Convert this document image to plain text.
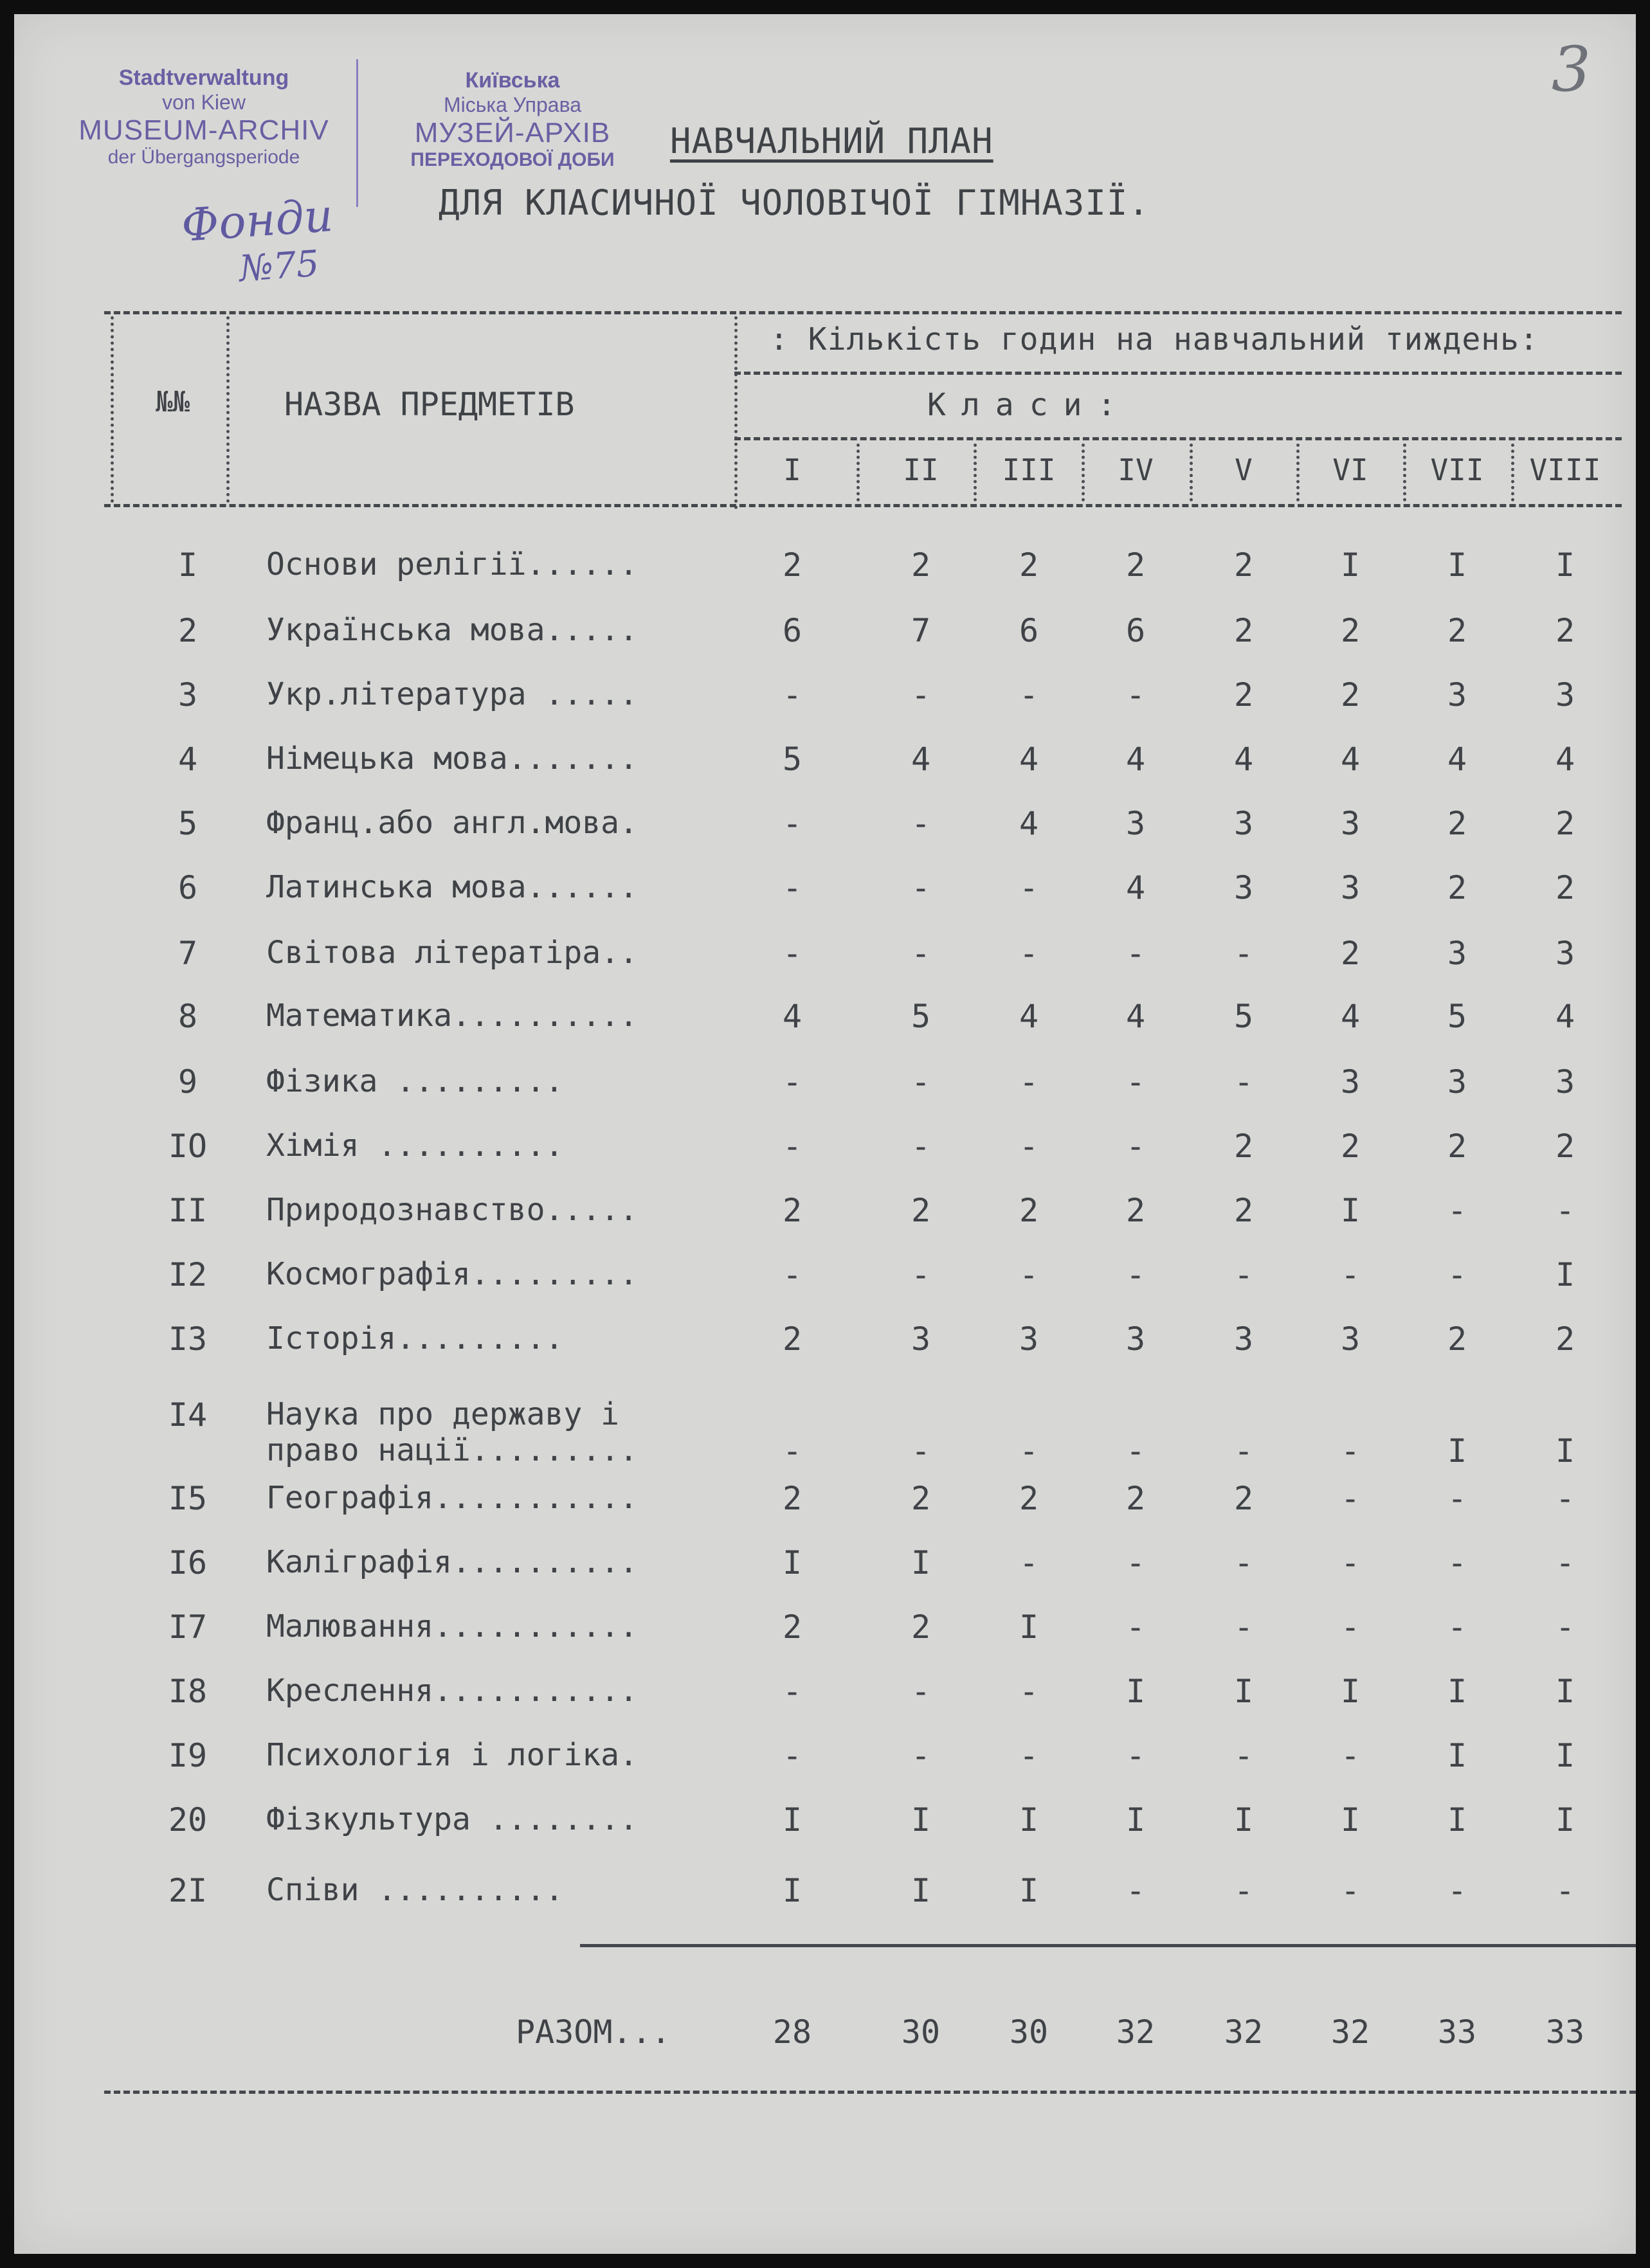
3
Stadtverwaltung
von Kiew
MUSEUM-ARCHIV
der Übergangsperiode
Київська
Міська Управа
МУЗЕЙ-АРХІВ
ПЕРЕХОДОВОЇ ДОБИ
Фонди
№75
НАВЧАЛЬНИЙ ПЛАН
ДЛЯ КЛАСИЧНОЇ ЧОЛОВІЧОЇ ГІМНАЗІЇ.
: Кількість годин на навчальний тиждень:
Класи:
№№	НАЗВА ПРЕДМЕТІВ
I	II	III	IV	V	VI	VII	VIII
I	Основи релігії......	2	2	2	2	2	I	I	I
2	Українська мова.....	6	7	6	6	2	2	2	2
3	Укр.література .....	-	-	-	-	2	2	3	3
4	Німецька мова.......	5	4	4	4	4	4	4	4
5	Франц.або англ.мова.	-	-	4	3	3	3	2	2
6	Латинська мова......	-	-	-	4	3	3	2	2
7	Світова літератіра..	-	-	-	-	-	2	3	3
8	Математика..........	4	5	4	4	5	4	5	4
9	Фізика .........	-	-	-	-	-	3	3	3
IO	Хімія ..........	-	-	-	-	2	2	2	2
II	Природознавство.....	2	2	2	2	2	I	-	-
I2	Космографія.........	-	-	-	-	-	-	-	I
I3	Історія.........	2	3	3	3	3	3	2	2
I4	Наука про державу і
право нації.........	-	-	-	-	-	-	I	I
I5	Географія...........	2	2	2	2	2	-	-	-
I6	Каліграфія..........	I	I	-	-	-	-	-	-
I7	Малювання...........	2	2	I	-	-	-	-	-
I8	Креслення...........	-	-	-	I	I	I	I	I
I9	Психологія і логіка.	-	-	-	-	-	-	I	I
20	Фізкультура ........	I	I	I	I	I	I	I	I
2I	Співи ..........	I	I	I	-	-	-	-	-
РАЗОМ...	28	30	30	32	32	32	33	33
